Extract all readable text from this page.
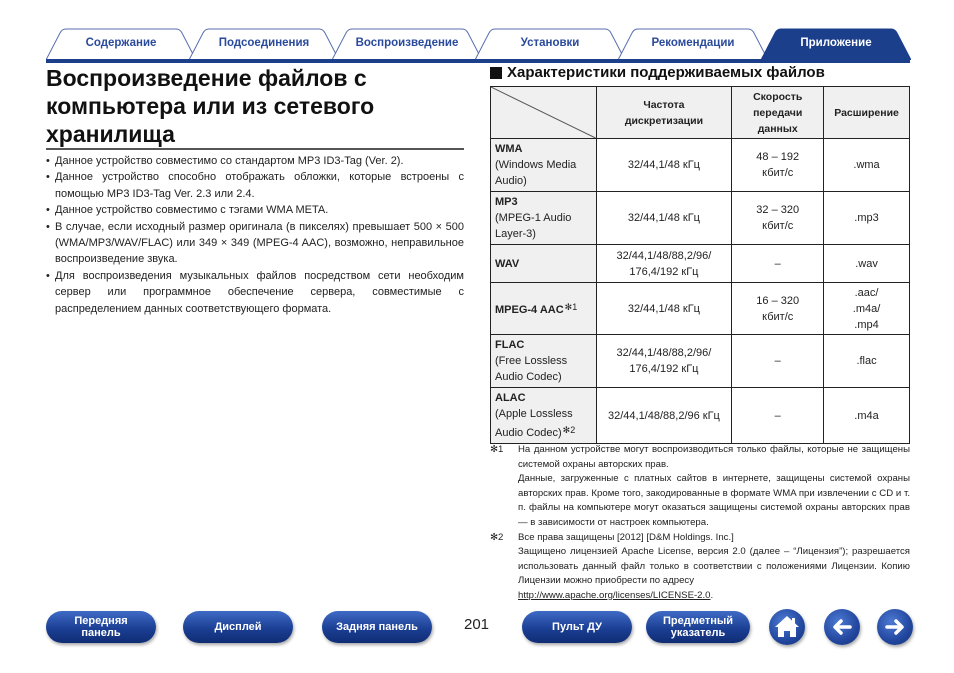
Содержание	Подсоединения	Воспроизведение	Установки	Рекомендации	Приложение
Воспроизведение файлов с компьютера или из сетевого хранилища
• Данное устройство совместимо со стандартом MP3 ID3-Tag (Ver. 2).
• Данное устройство способно отображать обложки, которые встроены с помощью MP3 ID3-Tag Ver. 2.3 или 2.4.
• Данное устройство совместимо с тэгами WMA META.
• В случае, если исходный размер оригинала (в пикселях) превышает 500 × 500 (WMA/MP3/WAV/FLAC) или 349 × 349 (MPEG-4 AAC), возможно, неправильное воспроизведение звука.
• Для воспроизведения музыкальных файлов посредством сети необходим сервер или программное обеспечение сервера, совместимые с распределением данных соответствующего формата.
Характеристики поддерживаемых файлов
	Частота дискретизации	Скорость передачи данных	Расширение

WMA
(Windows Media Audio)	32/44,1/48 кГц	48 – 192 кбит/с	.wma

MP3
(MPEG-1 Audio Layer-3)	32/44,1/48 кГц	32 – 320 кбит/с	.mp3
WAV	32/44,1/48/88,2/96/ 176,4/192 кГц	–	.wav
MPEG-4 AAC$^{✻1}$	32/44,1/48 кГц	16 – 320 кбит/с	.aac/ .m4a/ .mp4

FLAC
(Free Lossless Audio Codec)	32/44,1/48/88,2/96/ 176,4/192 кГц	–	.flac

ALAC
(Apple Lossless Audio Codec)$^{✻2}$	32/44,1/48/88,2/96 кГц	–	.m4a
✻1 На данном устройстве могут воспроизводиться только файлы, которые не защищены системой охраны авторских прав.
Данные, загруженные с платных сайтов в интернете, защищены системой охраны авторских прав. Кроме того, закодированные в формате WMA при извлечении с CD и т. п. файлы на компьютере могут оказаться защищены системой охраны авторских прав — в зависимости от настроек компьютера.
✻2 Все права защищены [2012] [D&M Holdings. Inc.]
Защищено лицензией Apache License, версия 2.0 (далее – “Лицензия”); разрешается использовать данный файл только в соответствии с положениями Лицензии. Копию Лицензии можно приобрести по адресу
http://www.apache.org/licenses/LICENSE-2.0.
Передняя панель	Дисплей	Задняя панель	201	Пульт ДУ	Предметный указатель
